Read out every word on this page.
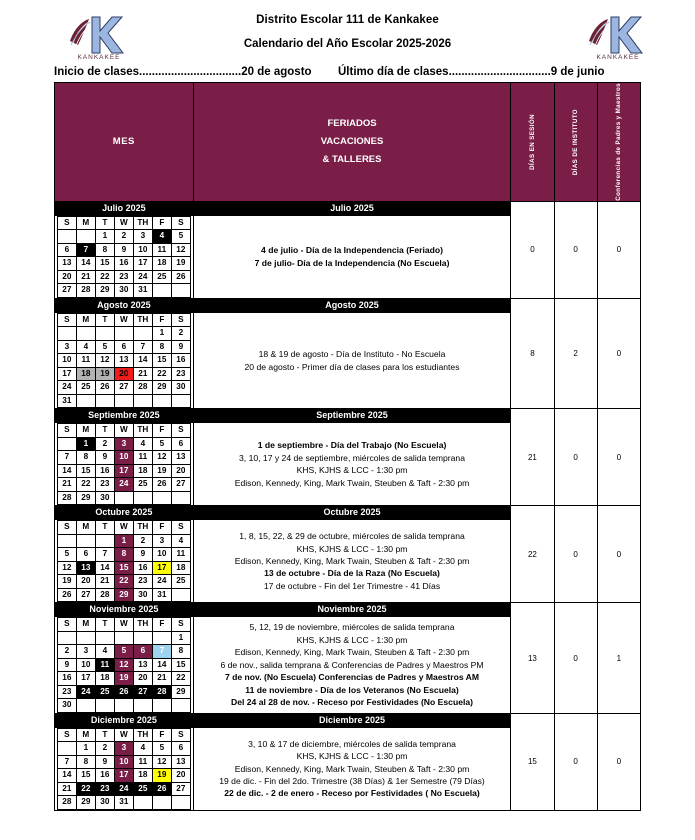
KANKAKEE
Distrito Escolar 111 de Kankakee
Calendario del Año Escolar 2025-2026
KANKAKEE
Inicio de clases................................20 de agosto Último día de clases................................9 de junio
MES	
FERIADOS
VACACIONES
& TALLERES	DÍAS EN SESIÓN	DÍAS DE INSTITUTO	Conferencias de Padres y Maestros

Julio 2025	Julio 2025	0	0	0

S	M	T	W	TH	F	S
		1	2	3	4	5
6	7	8	9	10	11	12
13	14	15	16	17	18	19
20	21	22	23	24	25	26
27	28	29	30	31		

4 de julio - Día de la Independencia (Feriado)
7 de julio- Día de la Independencia (No Escuela)

Agosto 2025	Agosto 2025	8	2	0

S	M	T	W	TH	F	S
					1	2
3	4	5	6	7	8	9
10	11	12	13	14	15	16
17	18	19	20	21	22	23
24	25	26	27	28	29	30
31						

18 & 19 de agosto - Día de Instituto - No Escuela
20 de agosto - Primer día de clases para los estudiantes

Septiembre 2025	Septiembre 2025	21	0	0

S	M	T	W	TH	F	S
	1	2	3	4	5	6
7	8	9	10	11	12	13
14	15	16	17	18	19	20
21	22	23	24	25	26	27
28	29	30				

1 de septiembre - Día del Trabajo (No Escuela)
3, 10, 17 y 24 de septiembre, miércoles de salida temprana
KHS, KJHS & LCC - 1:30 pm
Edison, Kennedy, King, Mark Twain, Steuben & Taft - 2:30 pm

Octubre 2025	Octubre 2025	22	0	0

S	M	T	W	TH	F	S
			1	2	3	4
5	6	7	8	9	10	11
12	13	14	15	16	17	18
19	20	21	22	23	24	25
26	27	28	29	30	31	

1, 8, 15, 22, & 29 de octubre, miércoles de salida temprana
KHS, KJHS & LCC - 1:30 pm
Edison, Kennedy, King, Mark Twain, Steuben & Taft - 2:30 pm
13 de octubre - Día de la Raza (No Escuela)
17 de octubre - Fin del 1er Trimestre - 41 Días

Noviembre 2025	Noviembre 2025	13	0	1

S	M	T	W	TH	F	S
						1
2	3	4	5	6	7	8
9	10	11	12	13	14	15
16	17	18	19	20	21	22
23	24	25	26	27	28	29
30						

5, 12, 19 de noviembre, miércoles de salida temprana
KHS, KJHS & LCC - 1:30 pm
Edison, Kennedy, King, Mark Twain, Steuben & Taft - 2:30 pm
6 de nov., salida temprana & Conferencias de Padres y Maestros PM
7 de nov. (No Escuela) Conferencias de Padres y Maestros AM
11 de noviembre - Día de los Veteranos (No Escuela)
Del 24 al 28 de nov. - Receso por Festividades (No Escuela)

Diciembre 2025	Diciembre 2025	15	0	0

S	M	T	W	TH	F	S
	1	2	3	4	5	6
7	8	9	10	11	12	13
14	15	16	17	18	19	20
21	22	23	24	25	26	27
28	29	30	31			

3, 10 & 17 de diciembre, miércoles de salida temprana
KHS, KJHS & LCC - 1:30 pm
Edison, Kennedy, King, Mark Twain, Steuben & Taft - 2:30 pm
19 de dic. - Fin del 2do. Trimestre (38 Días) & 1er Semestre (79 Días)
22 de dic. - 2 de enero - Receso por Festividades ( No Escuela)
